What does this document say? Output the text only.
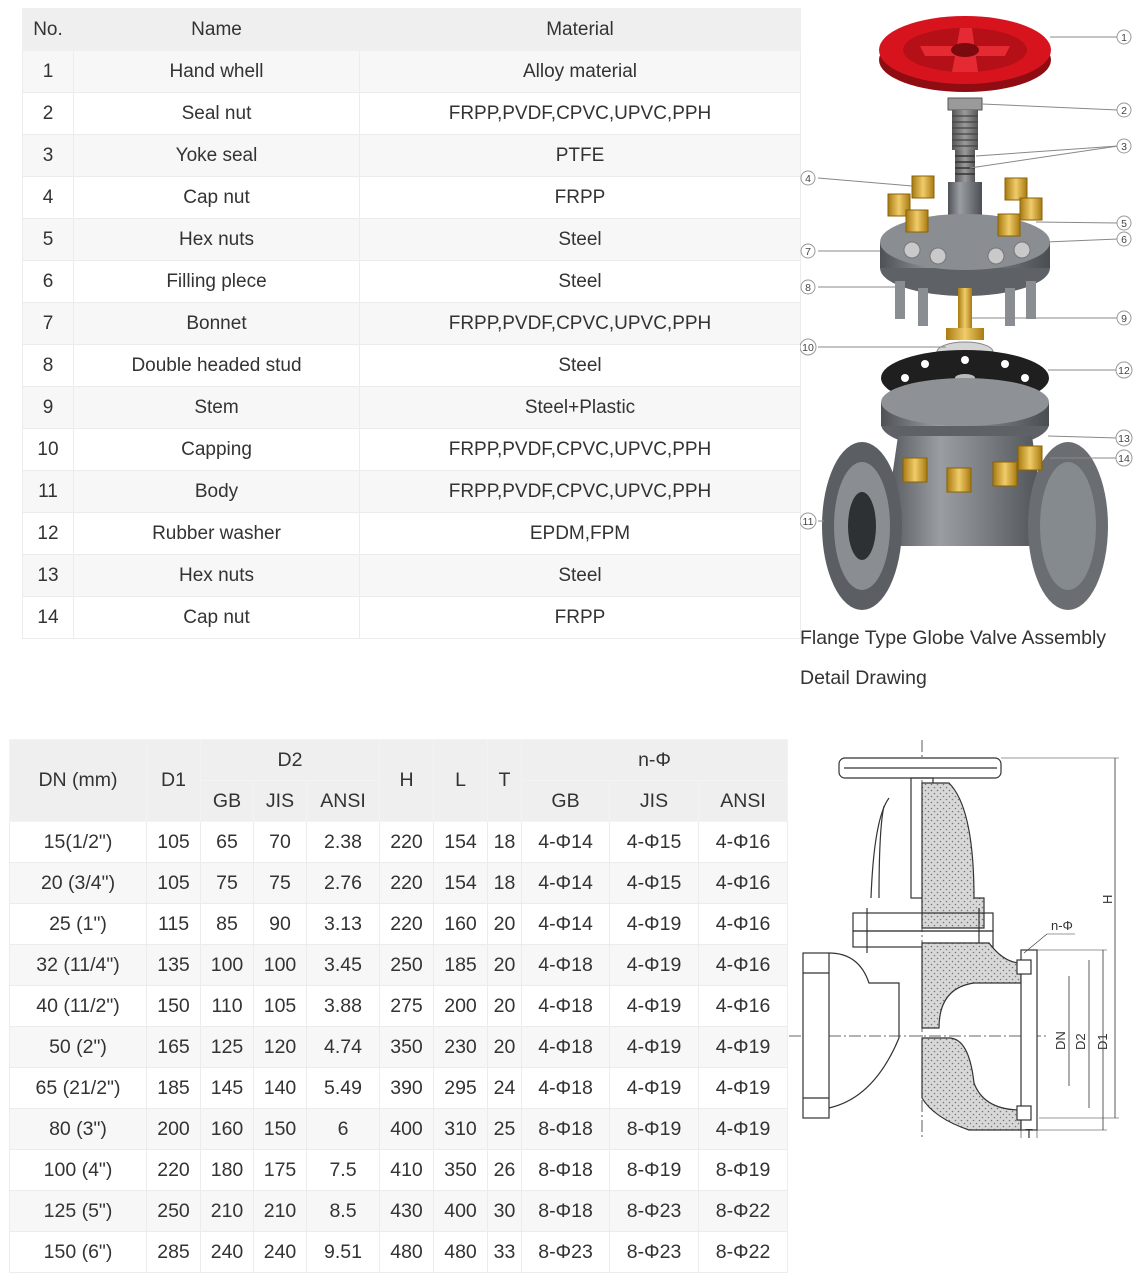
No.	Name	Material
1	Hand whell	Alloy material
2	Seal nut	FRPP,PVDF,CPVC,UPVC,PPH
3	Yoke seal	PTFE
4	Cap nut	FRPP
5	Hex nuts	Steel
6	Filling plece	Steel
7	Bonnet	FRPP,PVDF,CPVC,UPVC,PPH
8	Double headed stud	Steel
9	Stem	Steel+Plastic
10	Capping	FRPP,PVDF,CPVC,UPVC,PPH
11	Body	FRPP,PVDF,CPVC,UPVC,PPH
12	Rubber washer	EPDM,FPM
13	Hex nuts	Steel
14	Cap nut	FRPP
1
2
3
4
5
6
7
8
9
10
11
12
13
14
Flange Type Globe Valve Assembly
Detail Drawing
DN (mm)	D1	D2			H	L	T	n-Φ		
		GB	JIS	ANSI				GB	JIS	ANSI
15(1/2")	105	65	70	2.38	220	154	18	4-Φ14	4-Φ15	4-Φ16
20 (3/4")	105	75	75	2.76	220	154	18	4-Φ14	4-Φ15	4-Φ16
25 (1")	115	85	90	3.13	220	160	20	4-Φ14	4-Φ19	4-Φ16
32 (11/4")	135	100	100	3.45	250	185	20	4-Φ18	4-Φ19	4-Φ16
40 (11/2")	150	110	105	3.88	275	200	20	4-Φ18	4-Φ19	4-Φ16
50 (2")	165	125	120	4.74	350	230	20	4-Φ18	4-Φ19	4-Φ19
65 (21/2")	185	145	140	5.49	390	295	24	4-Φ18	4-Φ19	4-Φ19
80 (3")	200	160	150	6	400	310	25	8-Φ18	8-Φ19	4-Φ19
100 (4")	220	180	175	7.5	410	350	26	8-Φ18	8-Φ19	8-Φ19
125 (5")	250	210	210	8.5	430	400	30	8-Φ18	8-Φ23	8-Φ22
150 (6")	285	240	240	9.51	480	480	33	8-Φ23	8-Φ23	8-Φ22
H
n-Φ
DN D2 D1
T
